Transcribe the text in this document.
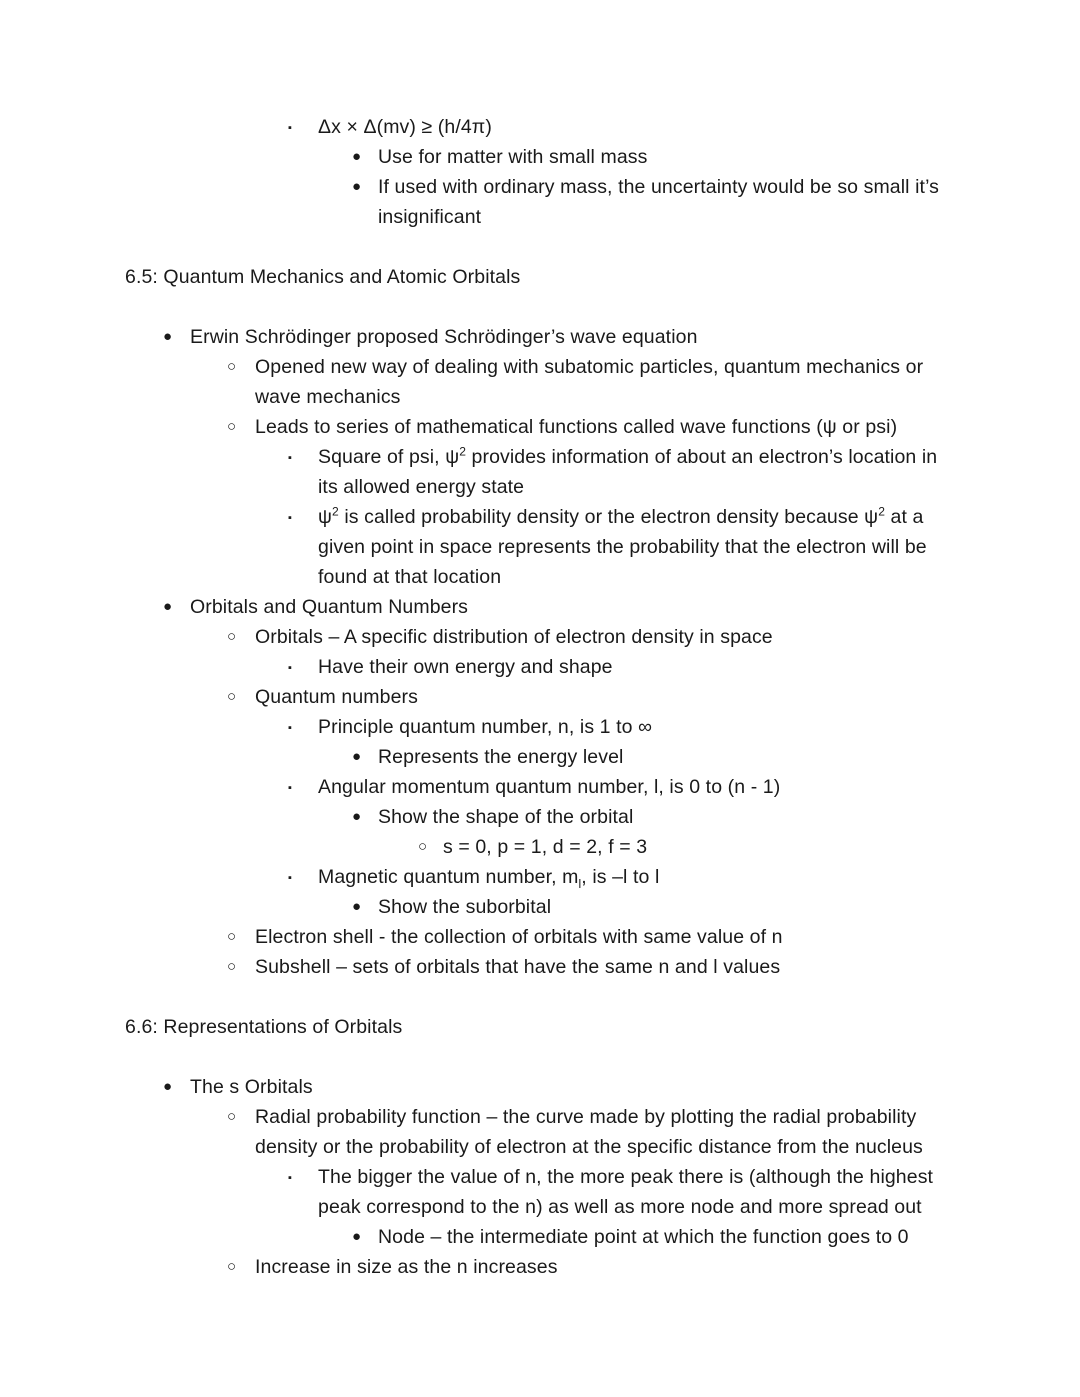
▪ Δx × Δ(mv) ≥ (h/4π)
● Use for matter with small mass
● If used with ordinary mass, the uncertainty would be so small it’s insignificant
6.5: Quantum Mechanics and Atomic Orbitals
● Erwin Schrödinger proposed Schrödinger’s wave equation
○ Opened new way of dealing with subatomic particles, quantum mechanics or wave mechanics
○ Leads to series of mathematical functions called wave functions (ψ or psi)
▪ Square of psi, $\psi^2$ provides information of about an electron’s location in its allowed energy state
▪ $\psi^2$ is called probability density or the electron density because $\psi^2$ at a given point in space represents the probability that the electron will be found at that location
● Orbitals and Quantum Numbers
○ Orbitals – A specific distribution of electron density in space
▪ Have their own energy and shape
○ Quantum numbers
▪ Principle quantum number, n, is 1 to ∞
● Represents the energy level
▪ Angular momentum quantum number, l, is 0 to (n - 1)
● Show the shape of the orbital
○ s = 0, p = 1, d = 2, f = 3
▪ Magnetic quantum number, $m_l$, is –l to l
● Show the suborbital
○ Electron shell - the collection of orbitals with same value of n
○ Subshell – sets of orbitals that have the same n and l values
6.6: Representations of Orbitals
● The s Orbitals
○ Radial probability function – the curve made by plotting the radial probability density or the probability of electron at the specific distance from the nucleus
▪ The bigger the value of n, the more peak there is (although the highest peak correspond to the n) as well as more node and more spread out
● Node – the intermediate point at which the function goes to 0
○ Increase in size as the n increases
